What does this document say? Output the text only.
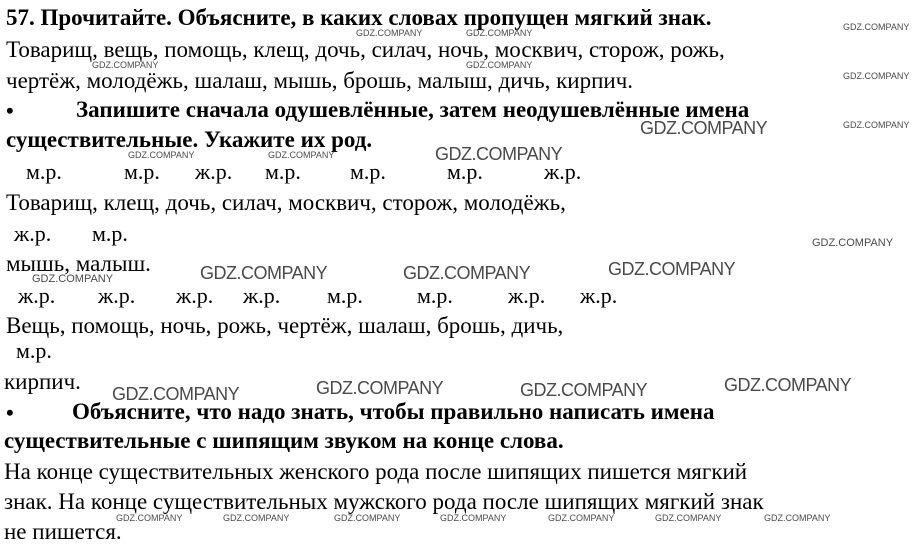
57. Прочитайте. Объясните, в каких словах пропущен мягкий знак.
Товарищ, вещь, помощь, клещ, дочь, силач, ночь, москвич, сторож, рожь,
чертёж, молодёжь, шалаш, мышь, брошь, малыш, дичь, кирпич.
•	Запишите сначала одушевлённые, затем неодушевлённые имена
существительные. Укажите их род.
м.р.	м.р. ж.р. м.р. м.р.	м.р.	ж.р.
Товарищ, клещ, дочь, силач, москвич, сторож, молодёжь,
ж.р. м.р.
мышь, малыш.
ж.р. ж.р. ж.р. ж.р. м.р. м.р.	ж.р. ж.р.
Вещь, помощь, ночь, рожь, чертёж, шалаш, брошь, дичь,
м.р.
кирпич.
•	Объясните, что надо знать, чтобы правильно написать имена
существительные с шипящим звуком на конце слова.
На конце существительных женского рода после шипящих пишется мягкий
знак. На конце существительных мужского рода после шипящих мягкий знак
не пишется.
GDZ.COMPANY
GDZ.COMPANY	GDZ.COMPANY
GDZ.COMPANY	GDZ.COMPANY
GDZ.COMPANY
GDZ.COMPANY
GDZ.COMPANY	GDZ.COMPANY
GDZ.COMPANY
GDZ.COMPANY
GDZ.COMPANY	GDZ.COMPANY	GDZ.COMPANY	GDZ.COMPANY	GDZ.COMPANY	GDZ.COMPANY	GDZ.COMPANY
GDZ.COMPANY
GDZ.COMPANY
GDZ.COMPANY	GDZ.COMPANY	GDZ.COMPANY
GDZ.COMPANY	GDZ.COMPANY	GDZ.COMPANY	GDZ.COMPANY
